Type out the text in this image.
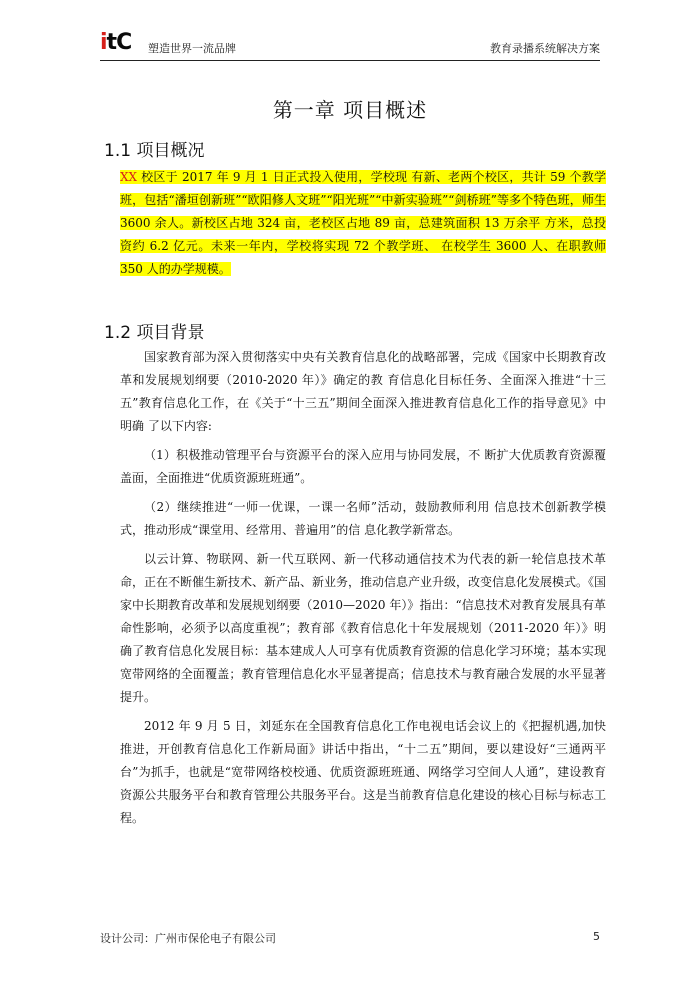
itC 塑造世界一流品牌	教育录播系统解决方案
第一章 项目概述
1.1 项目概况

XX 校区于 2017 年 9 月 1 日正式投入使用，学校现 有新、老两个校区，共计 59 个教学班，包括“潘垣创新班”“欧阳修人文班”“阳光班”“中新实验班”“剑桥班”等多个特色班，师生 3600 余人。新校区占地 324 亩，老校区占地 89 亩，总建筑面积 13 万余平 方米，总投资约 6.2 亿元。未来一年内，学校将实现 72 个教学班、 在校学生 3600 人、在职教师 350 人的办学规模。

1.2 项目背景

国家教育部为深入贯彻落实中央有关教育信息化的战略部署，完成《国家中长期教育改革和发展规划纲要（2010-2020 年）》确定的教 育信息化目标任务、全面深入推进“十三五”教育信息化工作，在《关于“十三五”期间全面深入推进教育信息化工作的指导意见》中明确 了以下内容:

（1）积极推动管理平台与资源平台的深入应用与协同发展，不 断扩大优质教育资源覆盖面，全面推进“优质资源班班通”。

（2）继续推进“一师一优课，一课一名师”活动，鼓励教师利用 信息技术创新教学模式，推动形成“课堂用、经常用、普遍用”的信 息化教学新常态。

以云计算、物联网、新一代互联网、新一代移动通信技术为代表的新一轮信息技术革命，正在不断催生新技术、新产品、新业务，推动信息产业升级，改变信息化发展模式。《国家中长期教育改革和发展规划纲要（2010—2020 年）》指出：“信息技术对教育发展具有革命性影响，必须予以高度重视”；教育部《教育信息化十年发展规划（2011-2020 年）》明确了教育信息化发展目标：基本建成人人可享有优质教育资源的信息化学习环境；基本实现宽带网络的全面覆盖；教育管理信息化水平显著提高；信息技术与教育融合发展的水平显著提升。

2012 年 9 月 5 日，刘延东在全国教育信息化工作电视电话会议上的《把握机遇,加快推进，开创教育信息化工作新局面》讲话中指出，“十二五”期间，要以建设好“三通两平台”为抓手，也就是“宽带网络校校通、优质资源班班通、网络学习空间人人通”，建设教育资源公共服务平台和教育管理公共服务平台。这是当前教育信息化建设的核心目标与标志工程。

设计公司：广州市保伦电子有限公司	5
